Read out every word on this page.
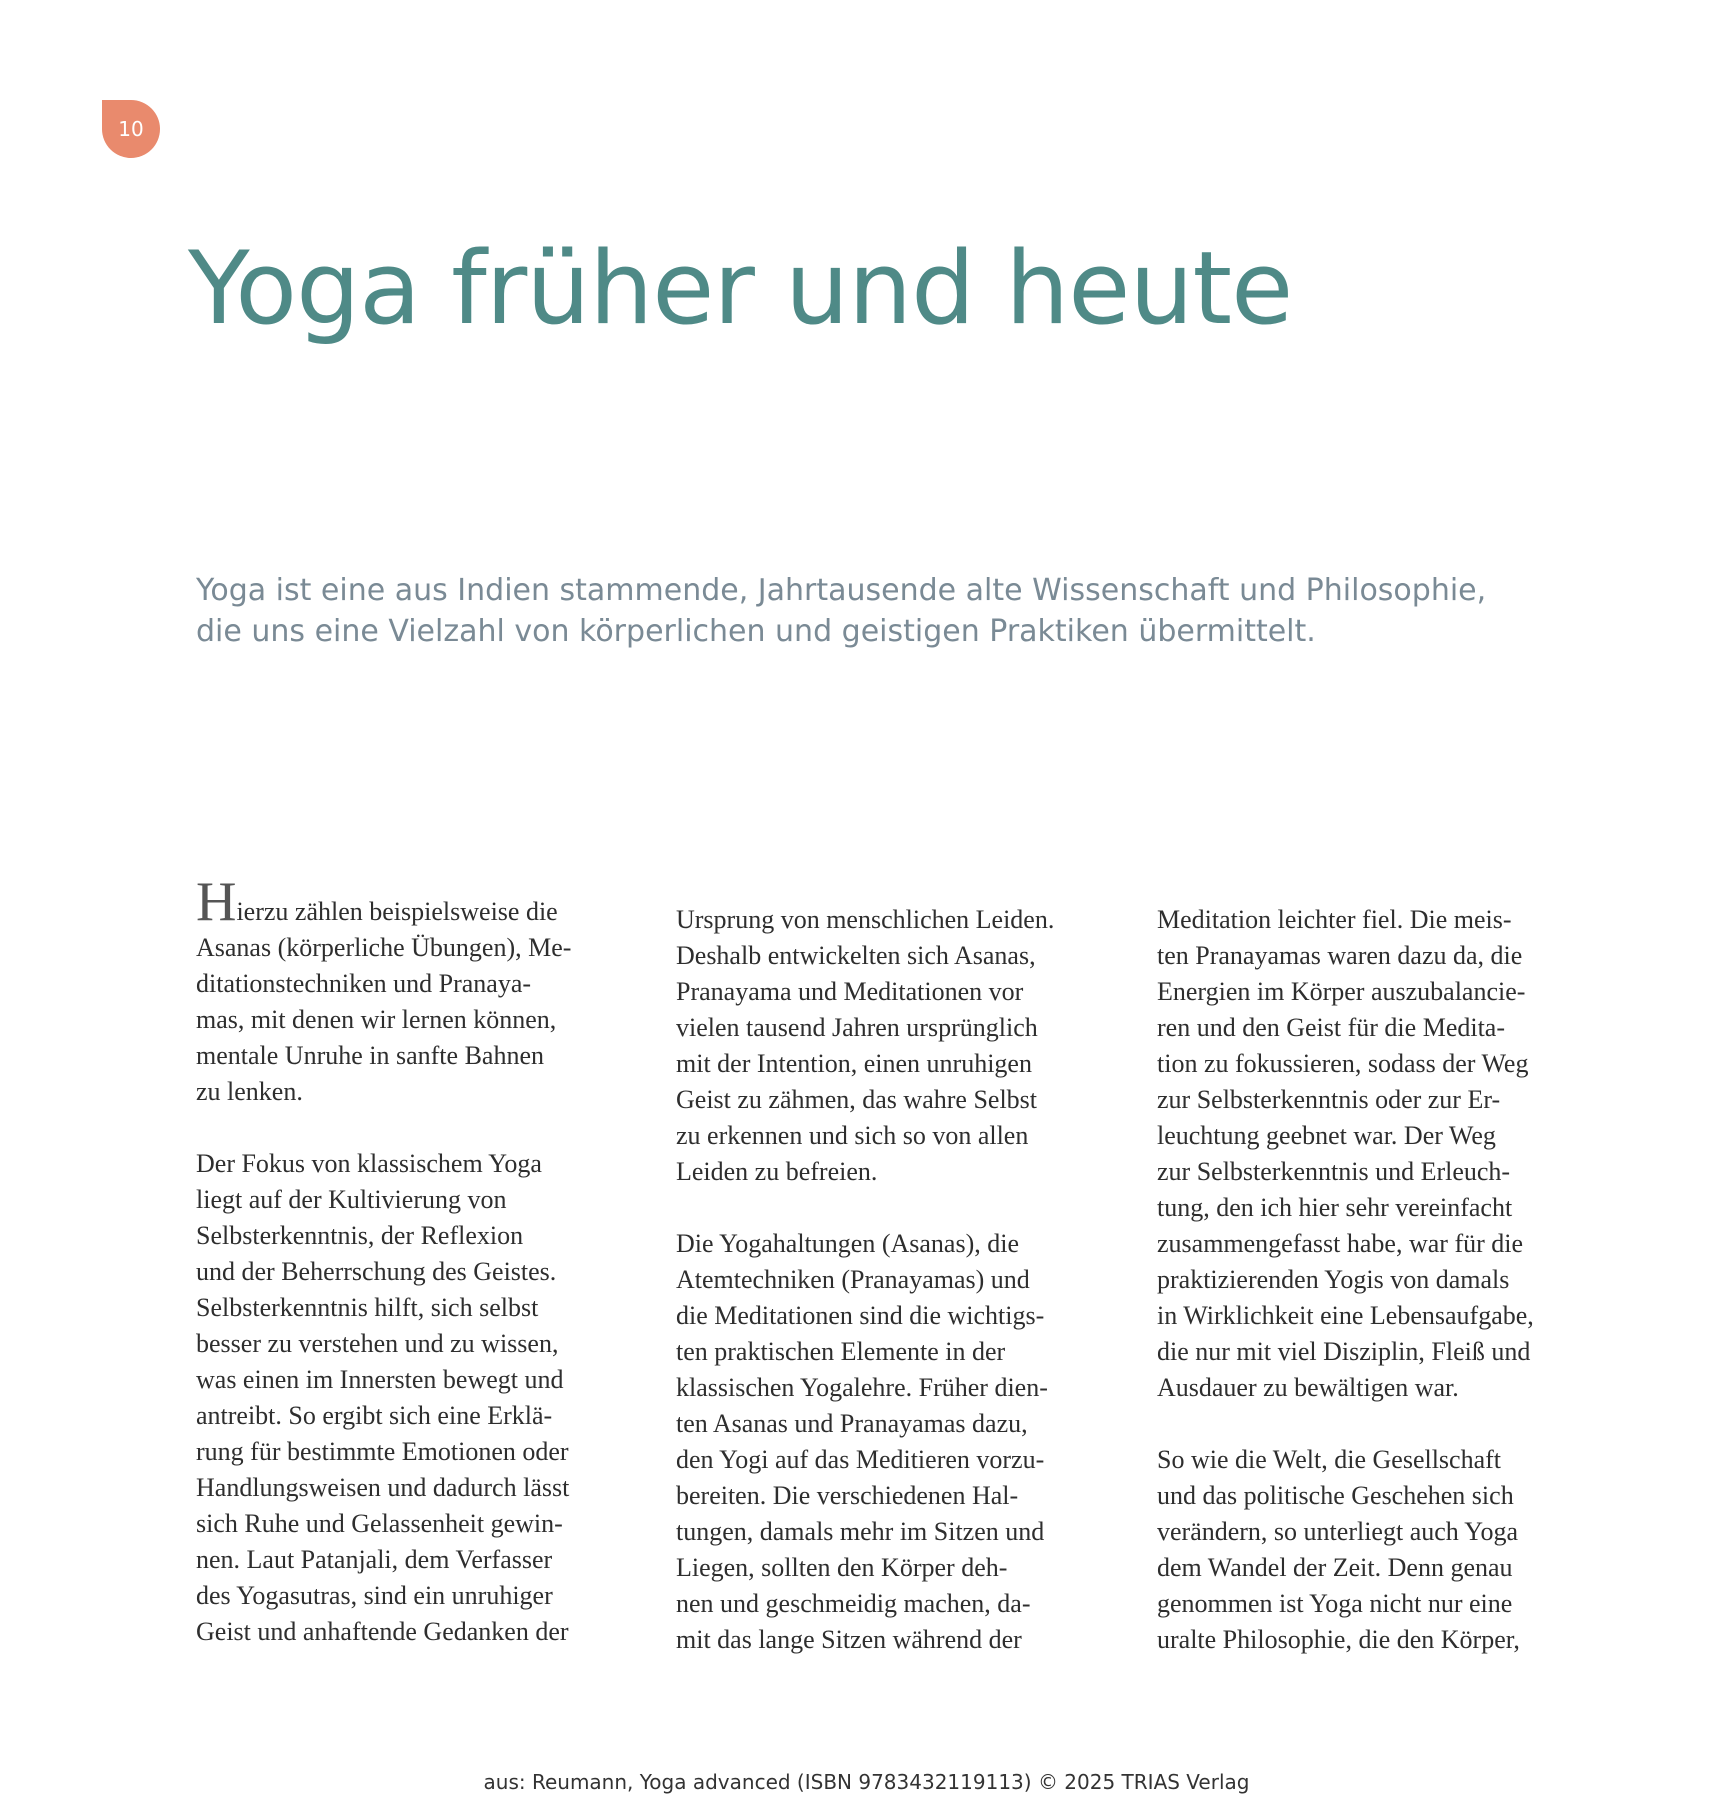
10
Yoga früher und heute

Yoga ist eine aus Indien stammende, Jahrtausende alte Wissenschaft und Philosophie,
die uns eine Vielzahl von körperlichen und geistigen Praktiken übermittelt.

Hierzu zählen beispielsweise die
Asanas (körperliche Übungen), Me-
ditationstechniken und Pranaya-
mas, mit denen wir lernen können,
mentale Unruhe in sanfte Bahnen
zu lenken.
Der Fokus von klassischem Yoga
liegt auf der Kultivierung von
Selbsterkenntnis, der Reflexion
und der Beherrschung des Geistes.
Selbsterkenntnis hilft, sich selbst
besser zu verstehen und zu wissen,
was einen im Innersten bewegt und
antreibt. So ergibt sich eine Erklä-
rung für bestimmte Emotionen oder
Handlungsweisen und dadurch lässt
sich Ruhe und Gelassenheit gewin-
nen. Laut Patanjali, dem Verfasser
des Yogasutras, sind ein unruhiger
Geist und anhaftende Gedanken der
Ursprung von menschlichen Leiden.
Deshalb entwickelten sich Asanas,
Pranayama und Meditationen vor
vielen tausend Jahren ursprünglich
mit der Intention, einen unruhigen
Geist zu zähmen, das wahre Selbst
zu erkennen und sich so von allen
Leiden zu befreien.
Die Yogahaltungen (Asanas), die
Atemtechniken (Pranayamas) und
die Meditationen sind die wichtigs-
ten praktischen Elemente in der
klassischen Yogalehre. Früher dien-
ten Asanas und Pranayamas dazu,
den Yogi auf das Meditieren vorzu-
bereiten. Die verschiedenen Hal-
tungen, damals mehr im Sitzen und
Liegen, sollten den Körper deh-
nen und geschmeidig machen, da-
mit das lange Sitzen während der
Meditation leichter fiel. Die meis-
ten Pranayamas waren dazu da, die
Energien im Körper auszubalancie-
ren und den Geist für die Medita-
tion zu fokussieren, sodass der Weg
zur Selbsterkenntnis oder zur Er-
leuchtung geebnet war. Der Weg
zur Selbsterkenntnis und Erleuch-
tung, den ich hier sehr vereinfacht
zusammengefasst habe, war für die
praktizierenden Yogis von damals
in Wirklichkeit eine Lebensaufgabe,
die nur mit viel Disziplin, Fleiß und
Ausdauer zu bewältigen war.
So wie die Welt, die Gesellschaft
und das politische Geschehen sich
verändern, so unterliegt auch Yoga
dem Wandel der Zeit. Denn genau
genommen ist Yoga nicht nur eine
uralte Philosophie, die den Körper,
aus: Reumann, Yoga advanced (ISBN 9783432119113) © 2025 TRIAS Verlag
